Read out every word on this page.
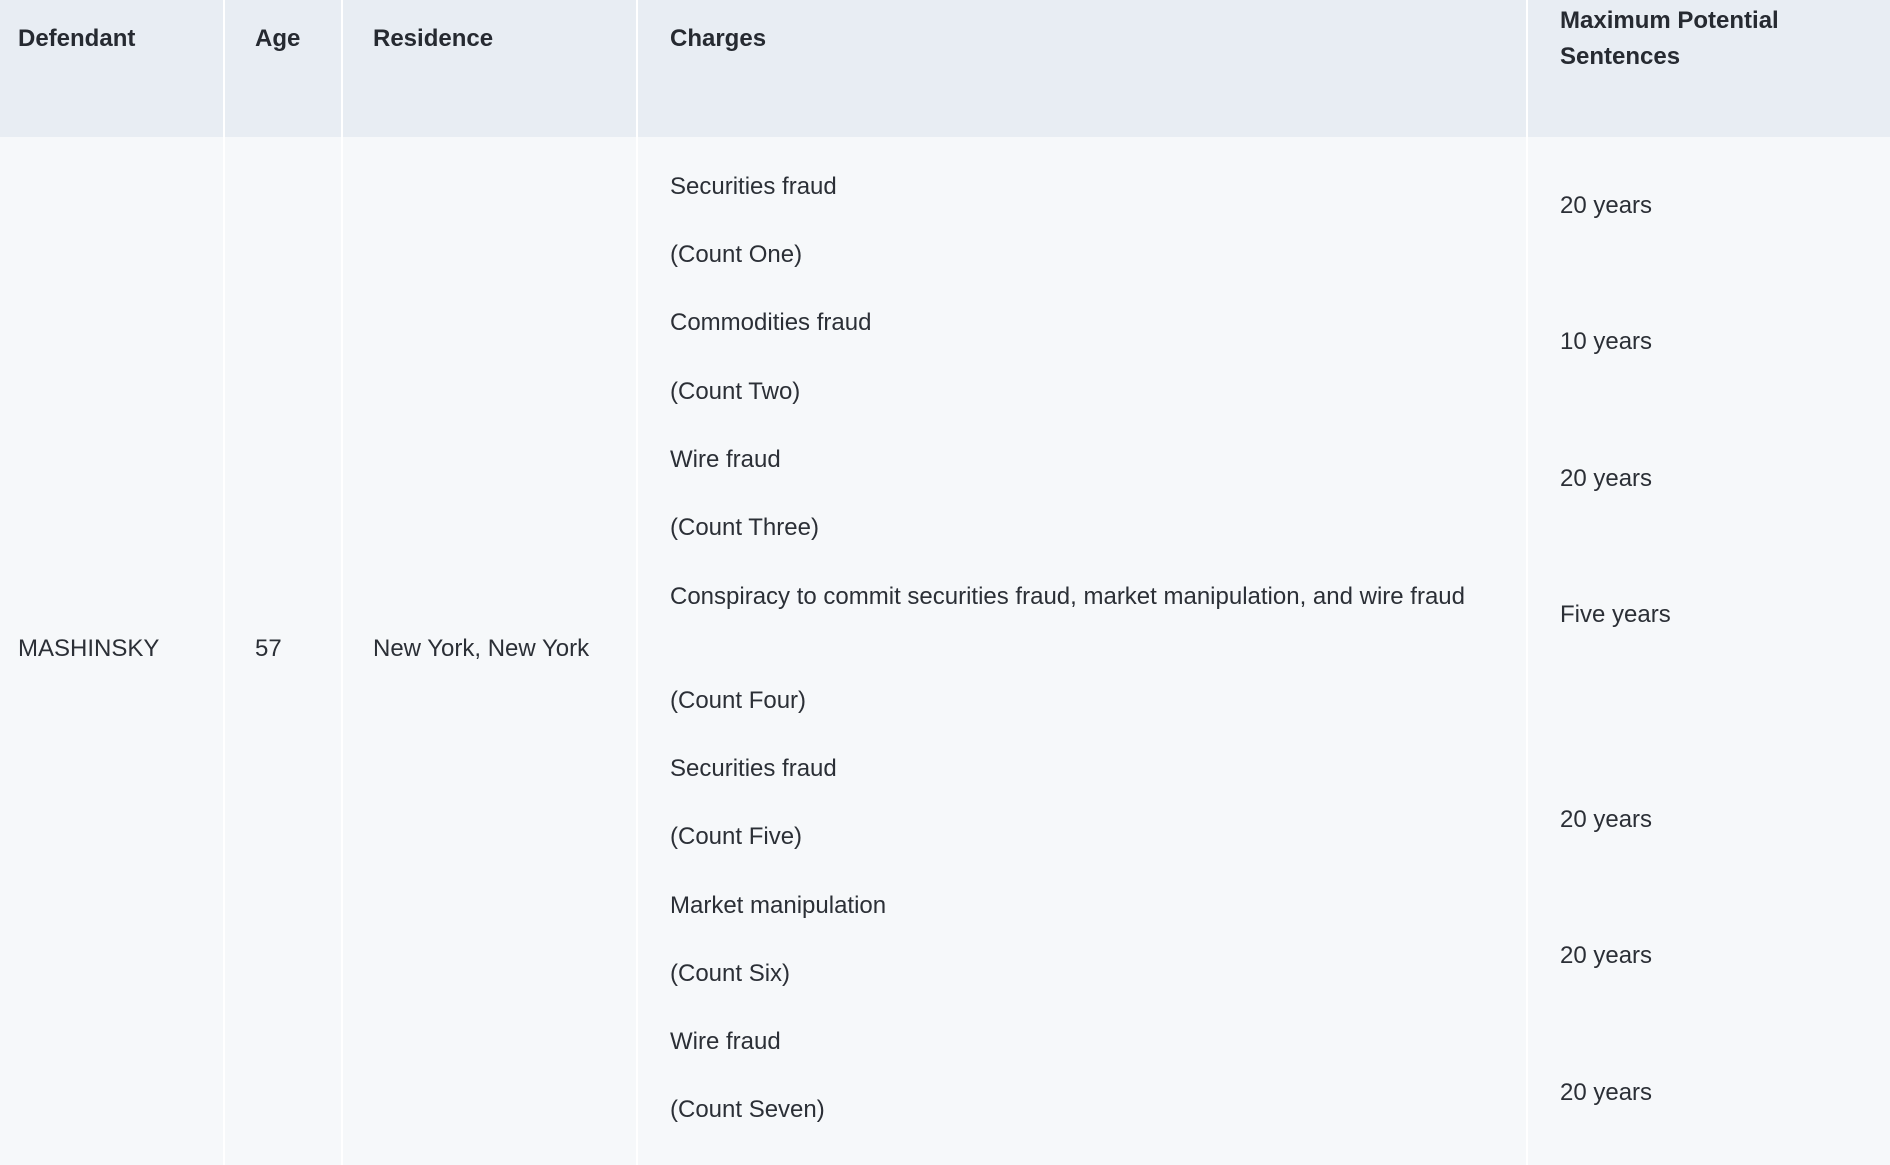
Defendant
MASHINSKY
Age
57
Residence
New York, New York
Charges
Securities fraud
(Count One)
Commodities fraud
(Count Two)
Wire fraud
(Count Three)
Conspiracy to commit securities fraud, market manipulation, and wire fraud
(Count Four)
Securities fraud
(Count Five)
Market manipulation
(Count Six)
Wire fraud
(Count Seven)
Maximum Potential Sentences
20 years
10 years
20 years
Five years
20 years
20 years
20 years
